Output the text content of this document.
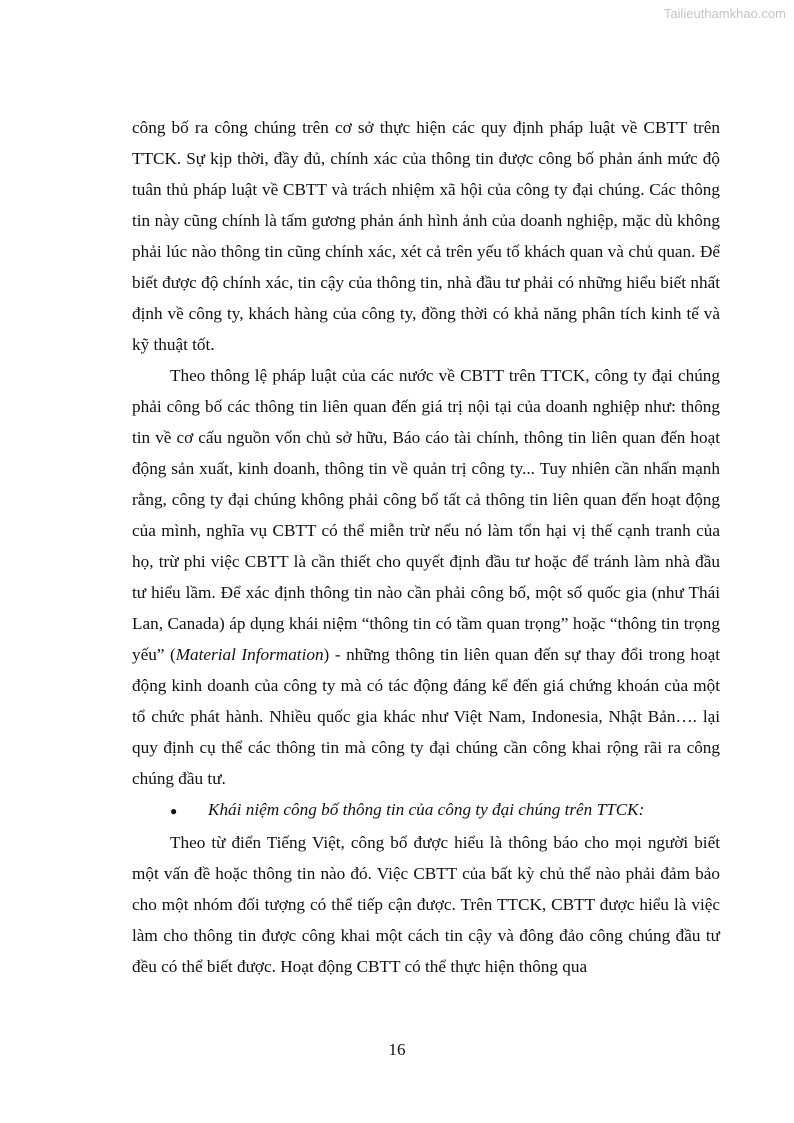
Tailieuthamkhao.com

công bố ra công chúng trên cơ sở thực hiện các quy định pháp luật về CBTT trên TTCK. Sự kịp thời, đầy đủ, chính xác của thông tin được công bố phản ánh mức độ tuân thủ pháp luật về CBTT và trách nhiệm xã hội của công ty đại chúng. Các thông tin này cũng chính là tấm gương phản ánh hình ảnh của doanh nghiệp, mặc dù không phải lúc nào thông tin cũng chính xác, xét cả trên yếu tố khách quan và chủ quan. Để biết được độ chính xác, tin cậy của thông tin, nhà đầu tư phải có những hiểu biết nhất định về công ty, khách hàng của công ty, đồng thời có khả năng phân tích kinh tế và kỹ thuật tốt.

Theo thông lệ pháp luật của các nước về CBTT trên TTCK, công ty đại chúng phải công bố các thông tin liên quan đến giá trị nội tại của doanh nghiệp như: thông tin về cơ cấu nguồn vốn chủ sở hữu, Báo cáo tài chính, thông tin liên quan đến hoạt động sản xuất, kinh doanh, thông tin về quản trị công ty... Tuy nhiên cần nhấn mạnh rằng, công ty đại chúng không phải công bố tất cả thông tin liên quan đến hoạt động của mình, nghĩa vụ CBTT có thể miễn trừ nếu nó làm tổn hại vị thế cạnh tranh của họ, trừ phi việc CBTT là cần thiết cho quyết định đầu tư hoặc để tránh làm nhà đầu tư hiểu lầm. Để xác định thông tin nào cần phải công bố, một số quốc gia (như Thái Lan, Canada) áp dụng khái niệm “thông tin có tầm quan trọng” hoặc “thông tin trọng yếu” (Material Information) - những thông tin liên quan đến sự thay đổi trong hoạt động kinh doanh của công ty mà có tác động đáng kể đến giá chứng khoán của một tổ chức phát hành. Nhiều quốc gia khác như Việt Nam, Indonesia, Nhật Bản…. lại quy định cụ thể các thông tin mà công ty đại chúng cần công khai rộng rãi ra công chúng đầu tư.

●	Khái niệm công bố thông tin của công ty đại chúng trên TTCK:

Theo từ điển Tiếng Việt, công bố được hiểu là thông báo cho mọi người biết một vấn đề hoặc thông tin nào đó. Việc CBTT của bất kỳ chủ thể nào phải đảm bảo cho một nhóm đối tượng có thể tiếp cận được. Trên TTCK, CBTT được hiểu là việc làm cho thông tin được công khai một cách tin cậy và đông đảo công chúng đầu tư đều có thể biết được. Hoạt động CBTT có thể thực hiện thông qua

16
